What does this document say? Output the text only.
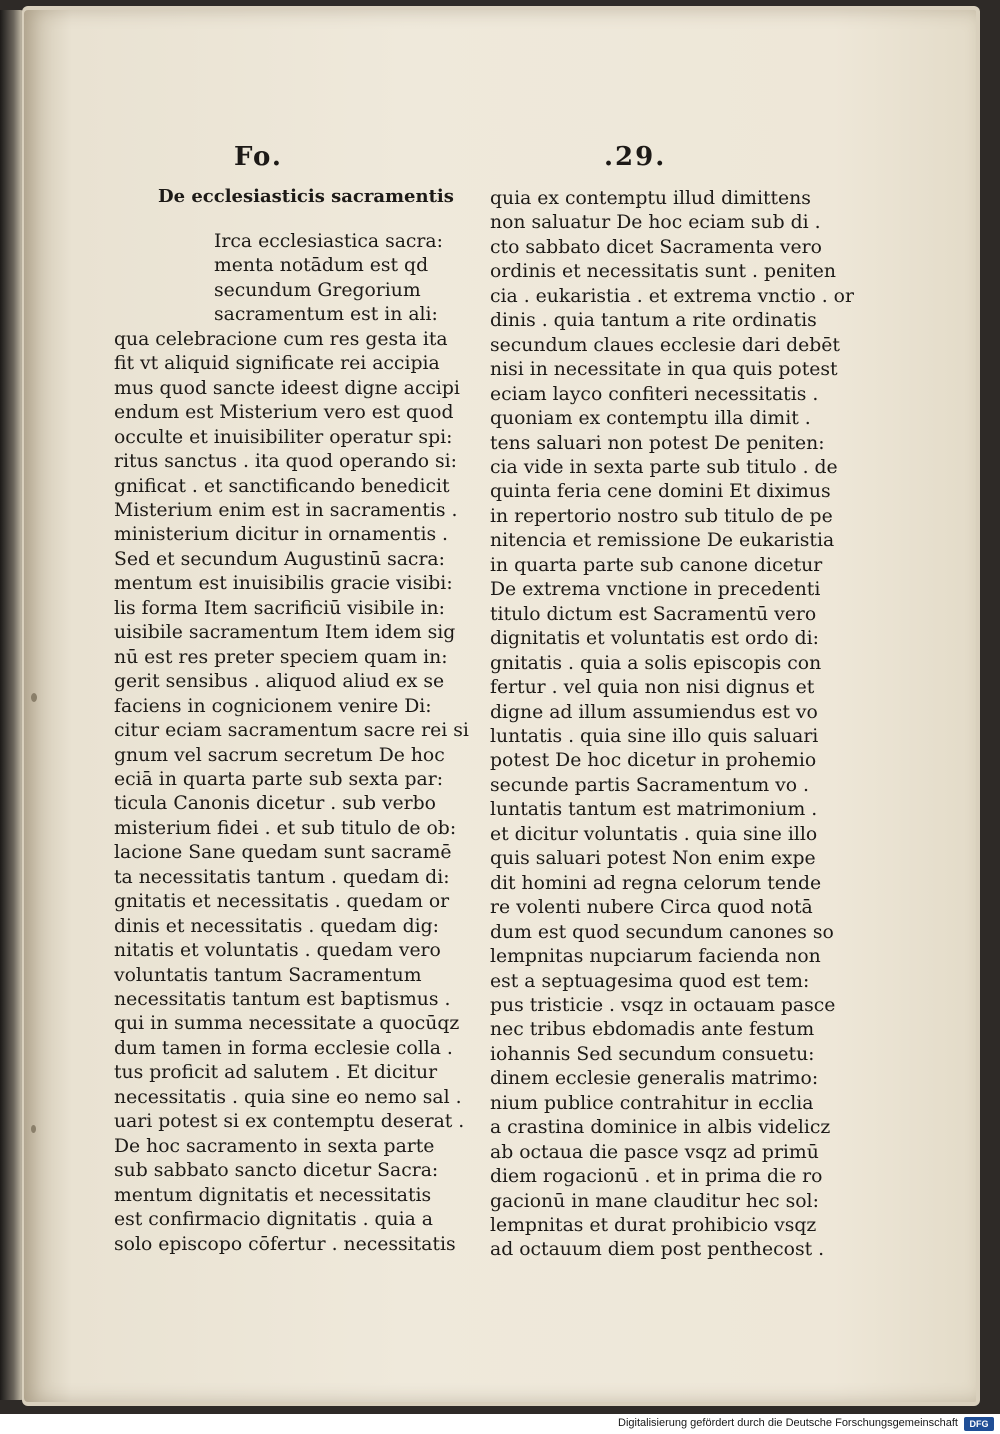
Fo.	.29.
De ecclesiasticis sacramentis
Irca ecclesiastica sacra:
menta notādum est qd
secundum Gregorium
sacramentum est in ali:
qua celebracione cum res gesta ita
fit vt aliquid significate rei accipia
mus quod sancte ideest digne accipi
endum est Misterium vero est quod
occulte et inuisibiliter operatur spi:
ritus sanctus . ita quod operando si:
gnificat . et sanctificando benedicit
Misterium enim est in sacramentis .
ministerium dicitur in ornamentis .
Sed et secundum Augustinū sacra:
mentum est inuisibilis gracie visibi:
lis forma Item sacrificiū visibile in:
uisibile sacramentum Item idem sig
nū est res preter speciem quam in:
gerit sensibus . aliquod aliud ex se
faciens in cognicionem venire Di:
citur eciam sacramentum sacre rei si
gnum vel sacrum secretum De hoc
eciā in quarta parte sub sexta par:
ticula Canonis dicetur . sub verbo
misterium fidei . et sub titulo de ob:
lacione Sane quedam sunt sacramē
ta necessitatis tantum . quedam di:
gnitatis et necessitatis . quedam or
dinis et necessitatis . quedam dig:
nitatis et voluntatis . quedam vero
voluntatis tantum Sacramentum
necessitatis tantum est baptismus .
qui in summa necessitate a quocūqz
dum tamen in forma ecclesie colla .
tus proficit ad salutem . Et dicitur
necessitatis . quia sine eo nemo sal .
uari potest si ex contemptu deserat .
De hoc sacramento in sexta parte
sub sabbato sancto dicetur Sacra:
mentum dignitatis et necessitatis
est confirmacio dignitatis . quia a
solo episcopo cōfertur . necessitatis
quia ex contemptu illud dimittens
non saluatur De hoc eciam sub di .
cto sabbato dicet Sacramenta vero
ordinis et necessitatis sunt . peniten
cia . eukaristia . et extrema vnctio . or
dinis . quia tantum a rite ordinatis
secundum claues ecclesie dari debēt
nisi in necessitate in qua quis potest
eciam layco confiteri necessitatis .
quoniam ex contemptu illa dimit .
tens saluari non potest De peniten:
cia vide in sexta parte sub titulo . de
quinta feria cene domini Et diximus
in repertorio nostro sub titulo de pe
nitencia et remissione De eukaristia
in quarta parte sub canone dicetur
De extrema vnctione in precedenti
titulo dictum est Sacramentū vero
dignitatis et voluntatis est ordo di:
gnitatis . quia a solis episcopis con
fertur . vel quia non nisi dignus et
digne ad illum assumiendus est vo
luntatis . quia sine illo quis saluari
potest De hoc dicetur in prohemio
secunde partis Sacramentum vo .
luntatis tantum est matrimonium .
et dicitur voluntatis . quia sine illo
quis saluari potest Non enim expe
dit homini ad regna celorum tende
re volenti nubere Circa quod notā
dum est quod secundum canones so
lempnitas nupciarum facienda non
est a septuagesima quod est tem:
pus tristicie . vsqz in octauam pasce
nec tribus ebdomadis ante festum
iohannis Sed secundum consuetu:
dinem ecclesie generalis matrimo:
nium publice contrahitur in ecclia
a crastina dominice in albis videlicz
ab octaua die pasce vsqz ad primū
diem rogacionū . et in prima die ro
gacionū in mane clauditur hec sol:
lempnitas et durat prohibicio vsqz
ad octauum diem post penthecost .
Digitalisierung gefördert durch die Deutsche Forschungsgemeinschaft	DFG
